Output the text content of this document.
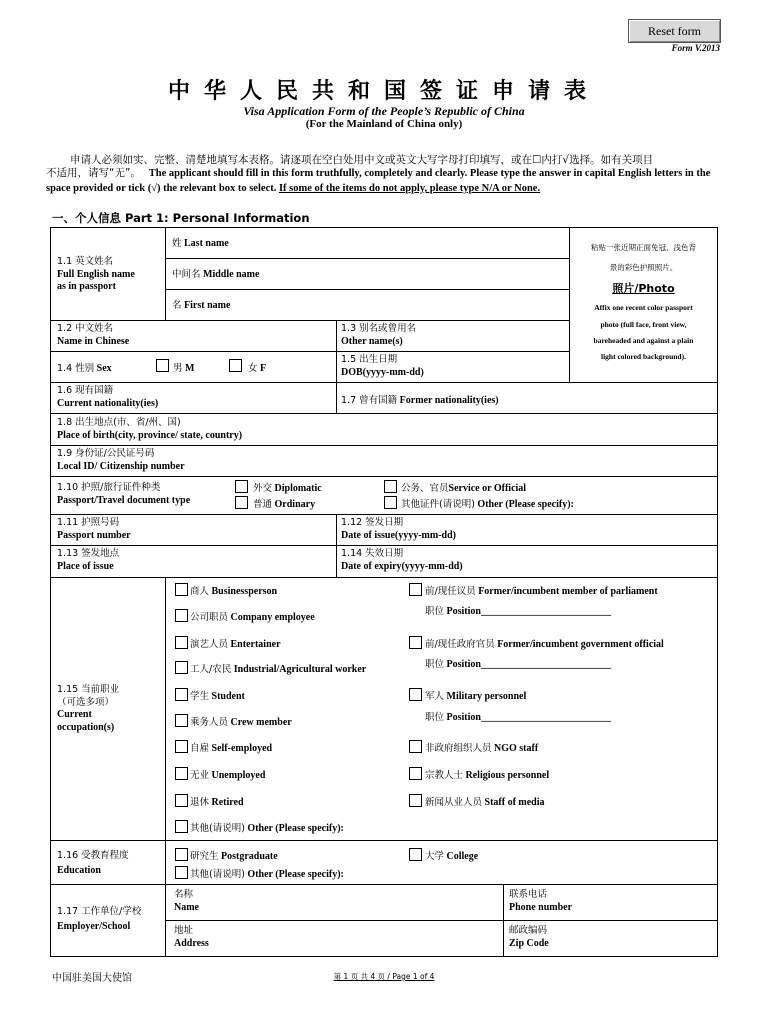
Reset form
Form V.2013
中华人民共和国签证申请表
Visa Application Form of the People’s Republic of China
(For the Mainland of China only)
申请人必须如实、完整、清楚地填写本表格。请逐项在空白处用中文或英文大写字母打印填写，或在☐内打√选择。如有关项目
不适用，请写“无”。 The applicant should fill in this form truthfully, completely and clearly. Please type the answer in capital English letters in the space provided or tick (√) the relevant box to select. If some of the items do not apply, please type N/A or None.
一、个人信息 Part 1: Personal Information
1.1 英文姓名
Full English name
as in passport
姓 Last name
中间名 Middle name
名 First name
粘贴一张近期正面免冠、浅色背
景的彩色护照照片。
照片/Photo
Affix one recent color passport
photo (full face, front view,
bareheaded and against a plain
light colored background).
1.2 中文姓名
Name in Chinese
1.3 别名或曾用名
Other name(s)
1.4 性别 Sex	男 M	女 F
1.5 出生日期
DOB(yyyy-mm-dd)
1.6 现有国籍
Current nationality(ies)	1.7 曾有国籍 Former nationality(ies)
1.8 出生地点(市、省/州、国)
Place of birth(city, province/ state, country)
1.9 身份证/公民证号码
Local ID/ Citizenship number
1.10 护照/旅行证件种类
Passport/Travel document type
外交 Diplomatic
普通 Ordinary
公务、官员Service or Official
其他证件(请说明) Other (Please specify):
1.11 护照号码
Passport number
1.12 签发日期
Date of issue(yyyy-mm-dd)
1.13 签发地点
Place of issue
1.14 失效日期
Date of expiry(yyyy-mm-dd)
1.15 当前职业
（可选多项）
Current
occupation(s)
商人 Businessperson
公司职员 Company employee
演艺人员 Entertainer
工人/农民 Industrial/Agricultural worker
学生 Student
乘务人员 Crew member
自雇 Self-employed
无业 Unemployed
退休 Retired
其他(请说明) Other (Please specify):
前/现任议员 Former/incumbent member of parliament
职位 Position__________________________
前/现任政府官员 Former/incumbent government official
职位 Position__________________________
军人 Military personnel
职位 Position__________________________
非政府组织人员 NGO staff
宗教人士 Religious personnel
新闻从业人员 Staff of media
1.16 受教育程度
Education
研究生 Postgraduate	大学 College
其他(请说明) Other (Please specify):
1.17 工作单位/学校
Employer/School
名称
Name
联系电话
Phone number
地址
Address
邮政编码
Zip Code
中国驻美国大使馆	第 1 页 共 4 页 / Page 1 of 4
